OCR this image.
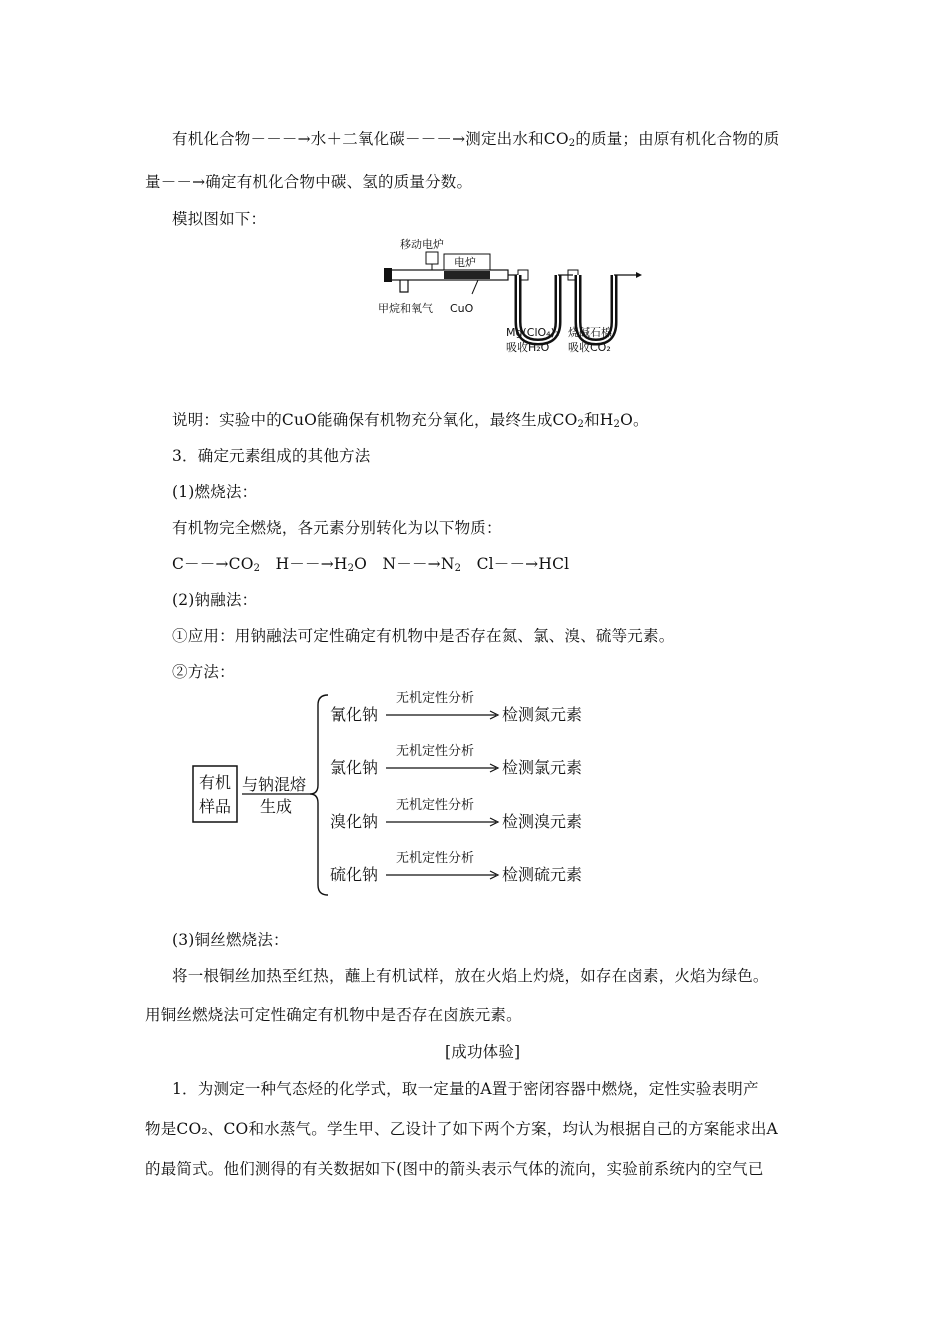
有机化合物－－－→水＋二氧化碳－－－→测定出水和$CO_2$的质量；由原有机化合物的质
量－－→确定有机化合物中碳、氢的质量分数。
模拟图如下：
移动电炉
电炉
甲烷和氧气 CuO
Mg(ClO₄)₂
吸收H₂O
烧碱石棉
吸收CO₂
说明：实验中的CuO能确保有机物充分氧化，最终生成$CO_2$和$H_2O$。
3．确定元素组成的其他方法
(1)燃烧法：
有机物完全燃烧，各元素分别转化为以下物质：
$C--\to CO_2$ $H--\to H_2O$ $N--\to N_2$ Cl－－→HCl
(2)钠融法：
①应用：用钠融法可定性确定有机物中是否存在氮、氯、溴、硫等元素。
②方法：
有机
样品
与钠混熔
生成
氰化钠
无机定性分析
检测氮元素
氯化钠
无机定性分析
检测氯元素
溴化钠
无机定性分析
检测溴元素
硫化钠
无机定性分析
检测硫元素
(3)铜丝燃烧法：
将一根铜丝加热至红热，蘸上有机试样，放在火焰上灼烧，如存在卤素，火焰为绿色。
用铜丝燃烧法可定性确定有机物中是否存在卤族元素。
[成功体验]
1．为测定一种气态烃的化学式，取一定量的A置于密闭容器中燃烧，定性实验表明产
物是CO₂、CO和水蒸气。学生甲、乙设计了如下两个方案，均认为根据自己的方案能求出A
的最简式。他们测得的有关数据如下(图中的箭头表示气体的流向，实验前系统内的空气已
